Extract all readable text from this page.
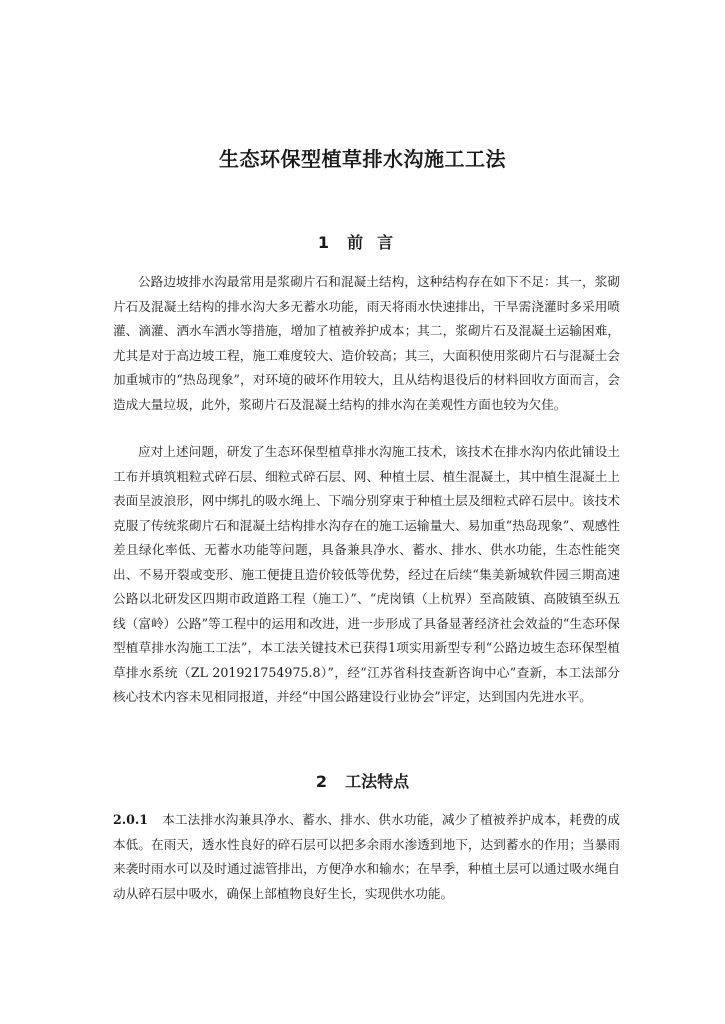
生态环保型植草排水沟施工工法
1 前言

公路边坡排水沟最常用是浆砌片石和混凝土结构，这种结构存在如下不足：其一，浆砌片石及混凝土结构的排水沟大多无蓄水功能，雨天将雨水快速排出，干旱需浇灌时多采用喷灌、滴灌、洒水车洒水等措施，增加了植被养护成本；其二，浆砌片石及混凝土运输困难，尤其是对于高边坡工程，施工难度较大、造价较高；其三，大面积使用浆砌片石与混凝土会加重城市的“热岛现象”，对环境的破坏作用较大，且从结构退役后的材料回收方面而言，会造成大量垃圾，此外，浆砌片石及混凝土结构的排水沟在美观性方面也较为欠佳。

应对上述问题，研发了生态环保型植草排水沟施工技术，该技术在排水沟内依此铺设土工布并填筑粗粒式碎石层、细粒式碎石层、网、种植土层、植生混凝土，其中植生混凝土上表面呈波浪形，网中绑扎的吸水绳上、下端分别穿束于种植土层及细粒式碎石层中。该技术克服了传统浆砌片石和混凝土结构排水沟存在的施工运输量大、易加重“热岛现象”、观感性差且绿化率低、无蓄水功能等问题，具备兼具净水、蓄水、排水、供水功能，生态性能突出、不易开裂或变形、施工便捷且造价较低等优势，经过在后续“集美新城软件园三期高速公路以北研发区四期市政道路工程（施工）”、“虎岗镇（上杭界）至高陂镇、高陂镇至纵五线（富岭）公路”等工程中的运用和改进，进一步形成了具备显著经济社会效益的“生态环保型植草排水沟施工工法”，本工法关键技术已获得1项实用新型专利“公路边坡生态环保型植草排水系统（ZL 201921754975.8）”，经“江苏省科技查新咨询中心”查新，本工法部分核心技术内容未见相同报道，并经“中国公路建设行业协会”评定，达到国内先进水平。

2 工法特点

2.0.1 本工法排水沟兼具净水、蓄水、排水、供水功能，减少了植被养护成本，耗费的成本低。在雨天，透水性良好的碎石层可以把多余雨水渗透到地下，达到蓄水的作用；当暴雨来袭时雨水可以及时通过滤管排出，方便净水和输水；在旱季，种植土层可以通过吸水绳自动从碎石层中吸水，确保上部植物良好生长，实现供水功能。
